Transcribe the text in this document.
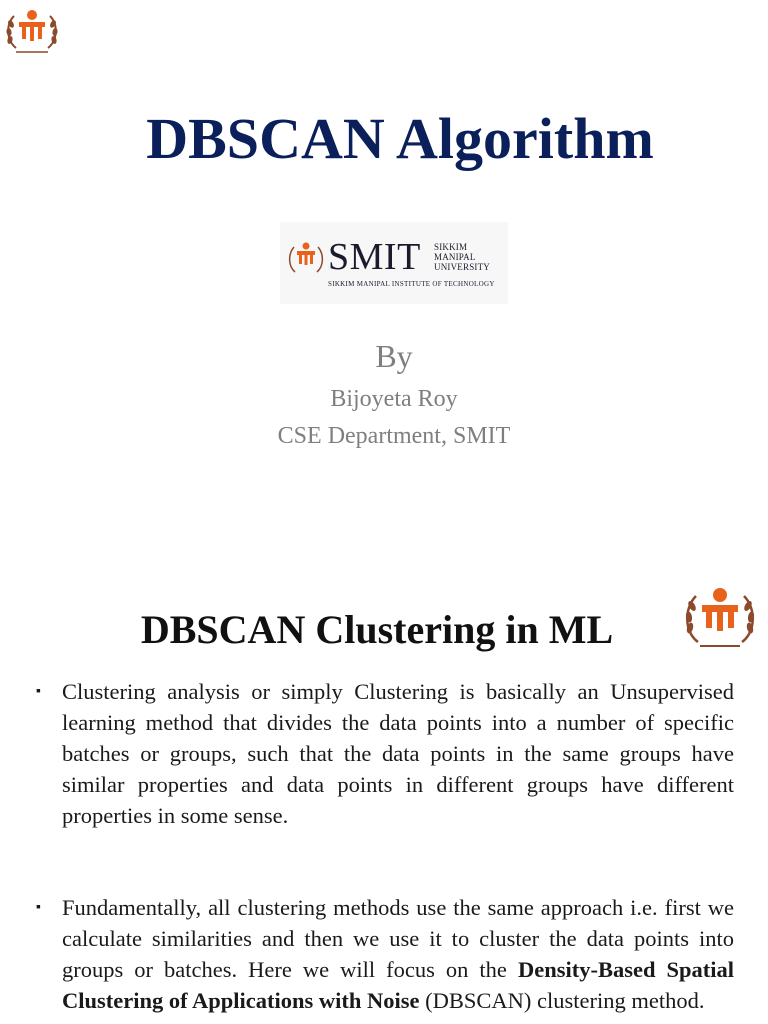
DBSCAN Algorithm
SMIT SIKKIM
MANIPAL
UNIVERSITY
SIKKIM MANIPAL INSTITUTE OF TECHNOLOGY
By
Bijoyeta Roy
CSE Department, SMIT
DBSCAN Clustering in ML
▪ Clustering analysis or simply Clustering is basically an Unsupervised learning method that divides the data points into a number of specific batches or groups, such that the data points in the same groups have similar properties and data points in different groups have different properties in some sense.
▪ Fundamentally, all clustering methods use the same approach i.e. first we calculate similarities and then we use it to cluster the data points into groups or batches. Here we will focus on the Density-Based Spatial Clustering of Applications with Noise (DBSCAN) clustering method.
